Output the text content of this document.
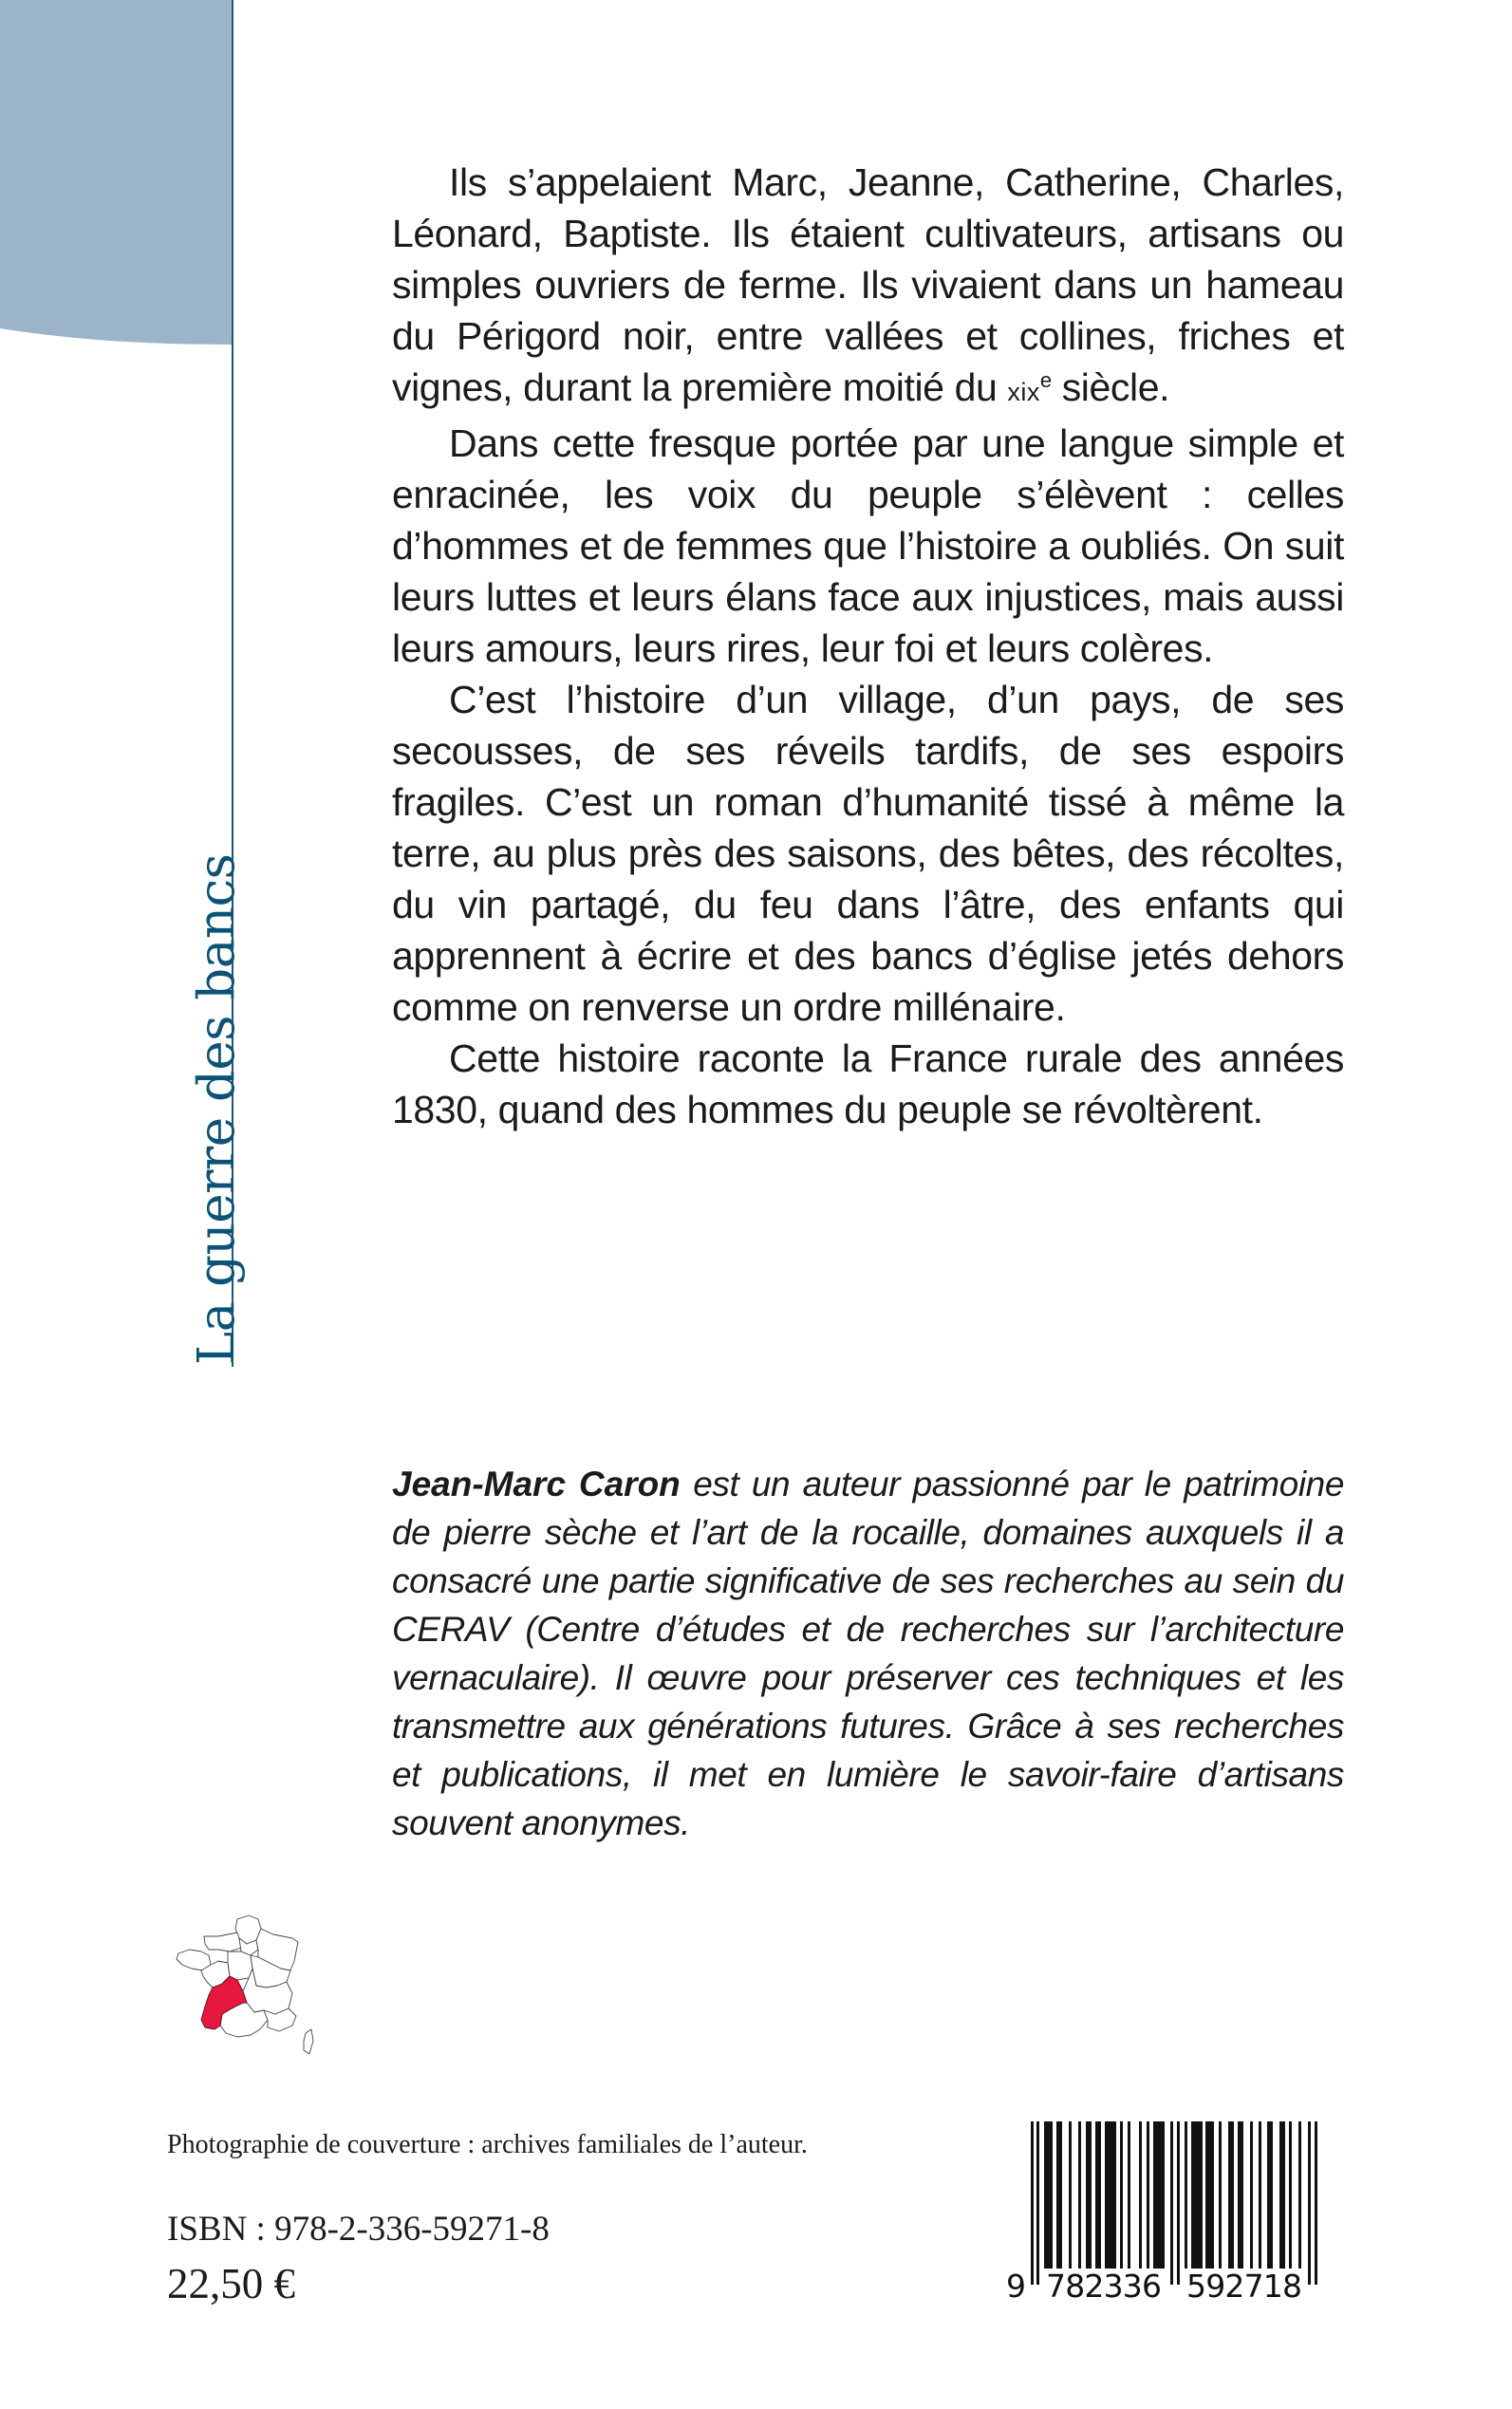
La guerre des bancs

Ils s’appelaient Marc, Jeanne, Catherine, Charles, Léonard, Baptiste. Ils étaient cultivateurs, artisans ou simples ouvriers de ferme. Ils vivaient dans un hameau du Périgord noir, entre vallées et collines, friches et vignes, durant la première moitié du xix$^e$ siècle.

Dans cette fresque portée par une langue simple et enracinée, les voix du peuple s’élèvent : celles d’hommes et de femmes que l’histoire a oubliés. On suit leurs luttes et leurs élans face aux injustices, mais aussi leurs amours, leurs rires, leur foi et leurs colères.

C’est l’histoire d’un village, d’un pays, de ses secousses, de ses réveils tardifs, de ses espoirs fragiles. C’est un roman d’humanité tissé à même la terre, au plus près des saisons, des bêtes, des récoltes, du vin partagé, du feu dans l’âtre, des enfants qui apprennent à écrire et des bancs d’église jetés dehors comme on renverse un ordre millénaire.

Cette histoire raconte la France rurale des années 1830, quand des hommes du peuple se révoltèrent.

Jean-Marc Caron est un auteur passionné par le patrimoine de pierre sèche et l’art de la rocaille, domaines auxquels il a consacré une partie significative de ses recherches au sein du CERAV (Centre d’études et de recherches sur l’architecture vernaculaire). Il œuvre pour préserver ces techniques et les transmettre aux générations futures. Grâce à ses recherches et publications, il met en lumière le savoir-faire d’artisans souvent anonymes.

Photographie de couverture : archives familiales de l’auteur.
ISBN : 978-2-336-59271-8
22,50 €	9 782336 592718
